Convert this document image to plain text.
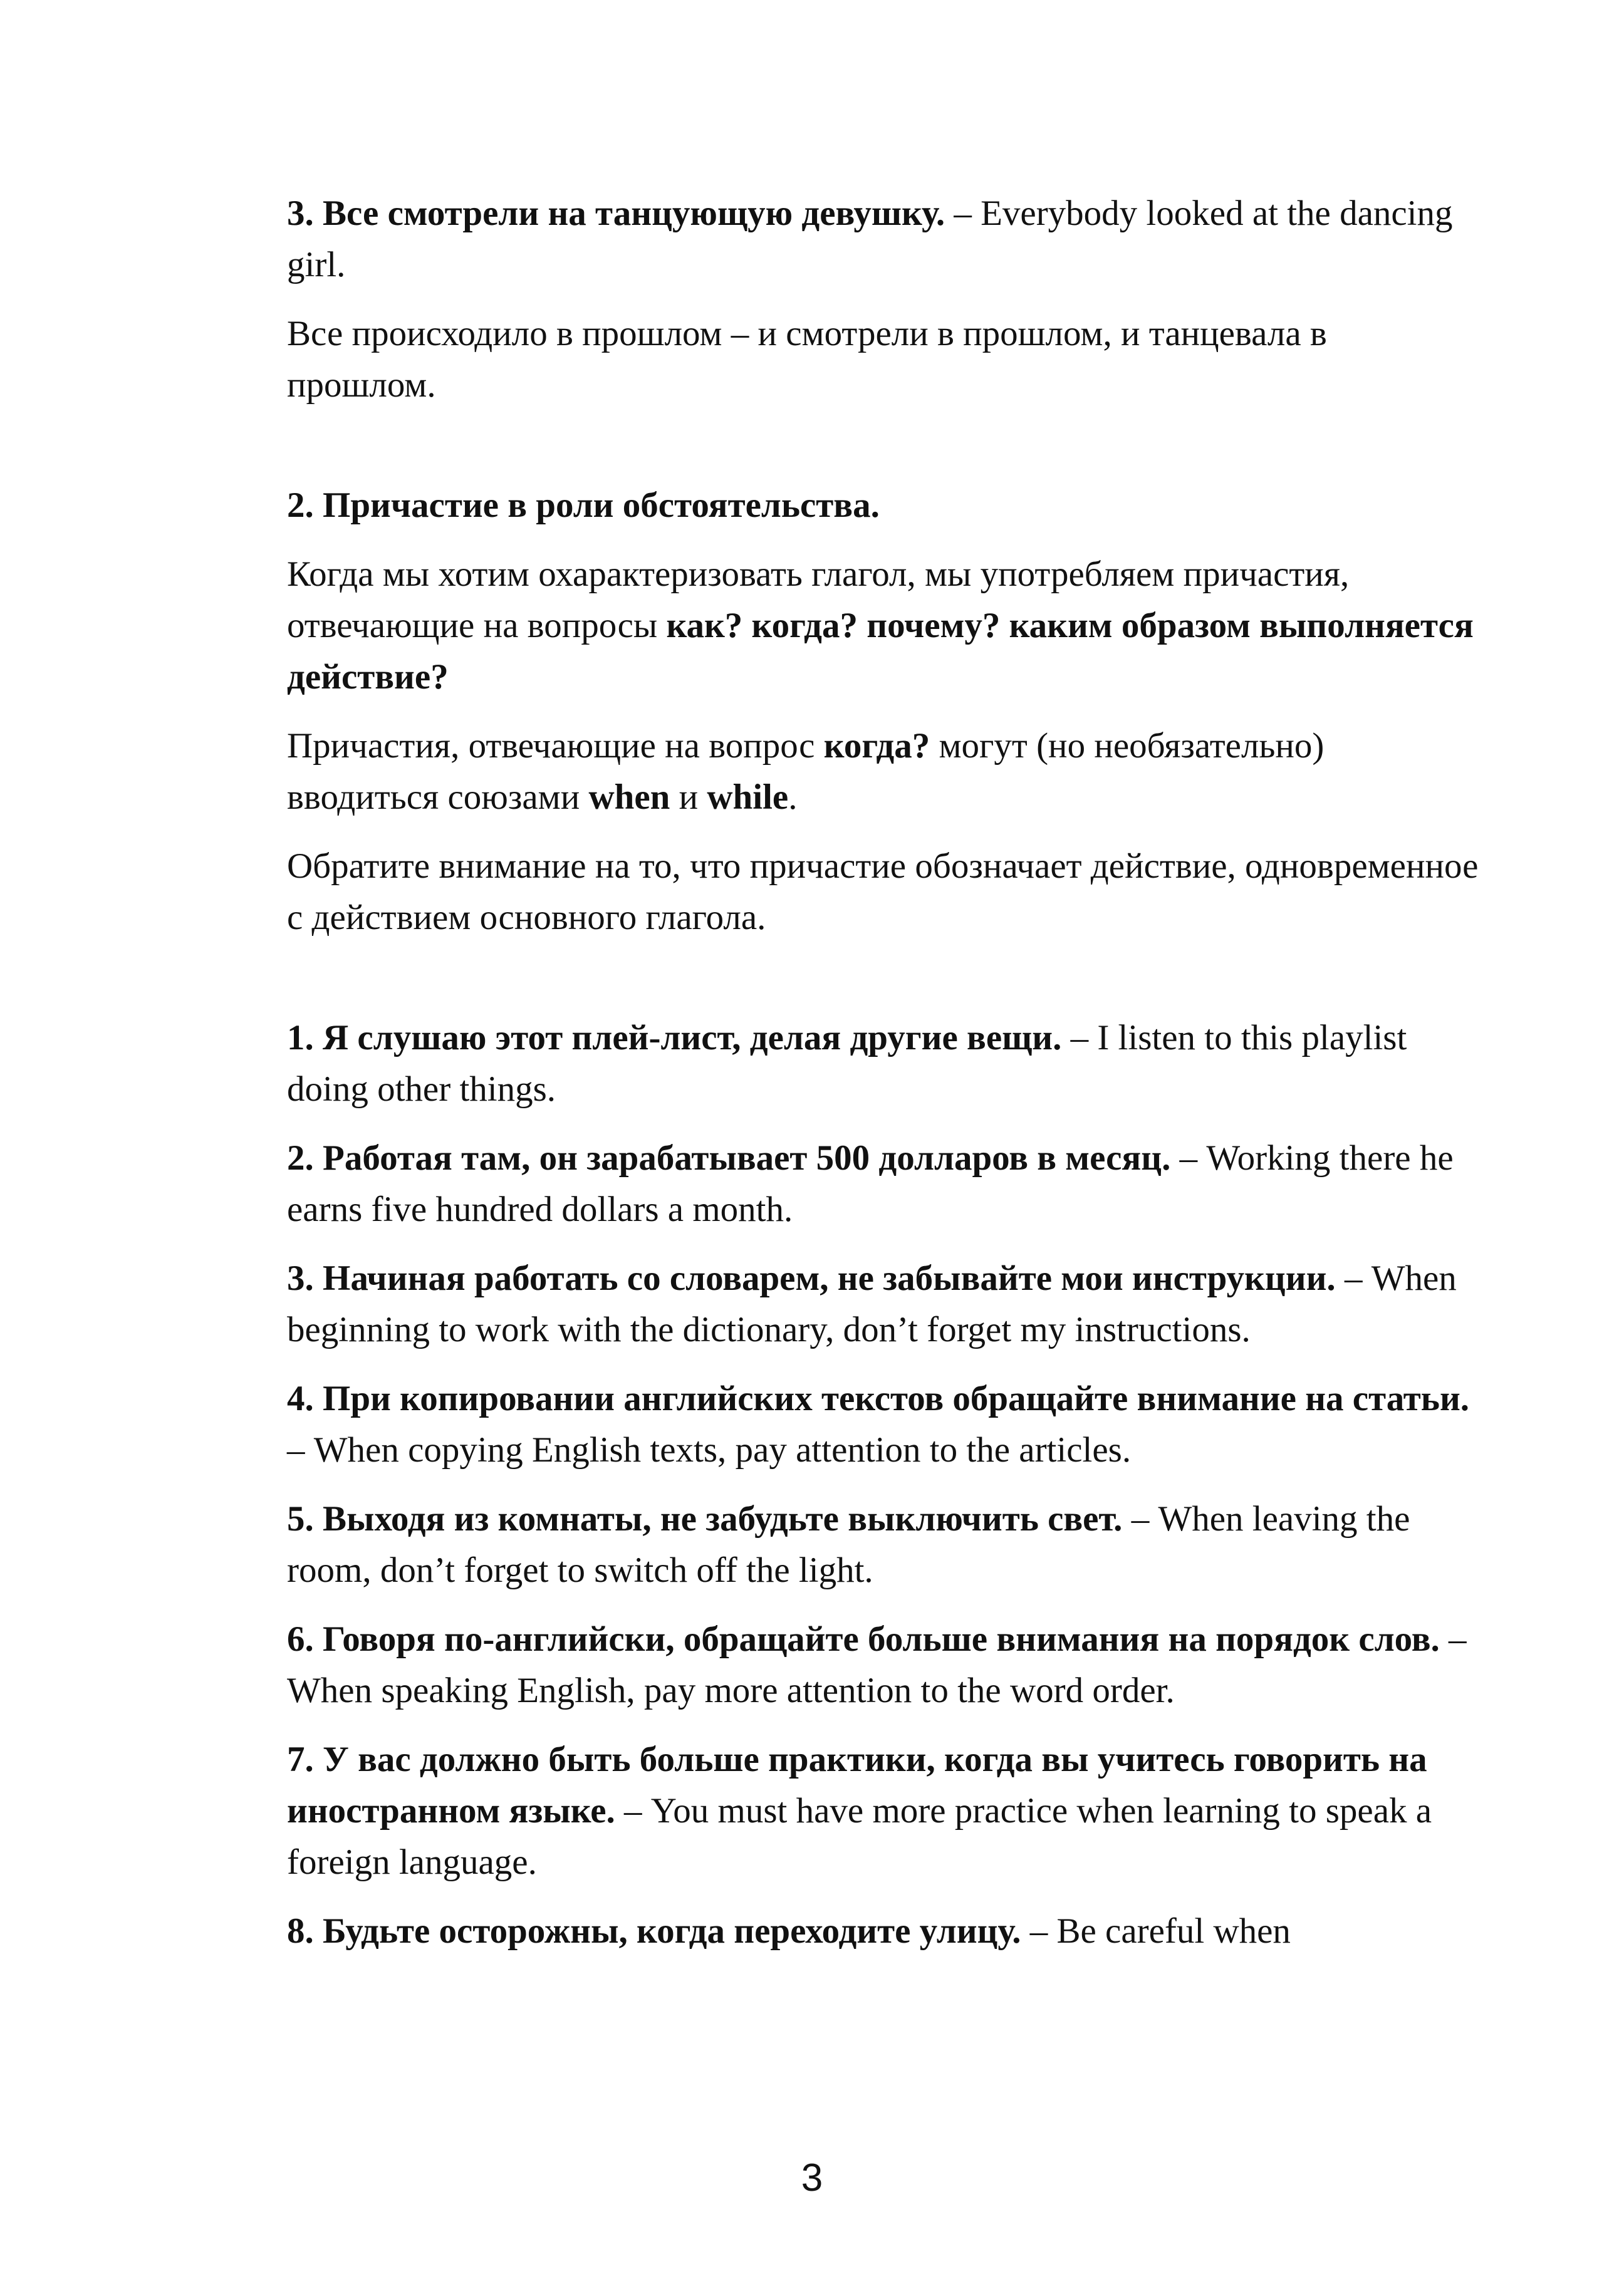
3. Все смотрели на танцующую девушку. – Everybody looked at the dancing girl.

Все происходило в прошлом – и смотрели в прошлом, и танцевала в прошлом.

2. Причастие в роли обстоятельства.

Когда мы хотим охарактеризовать глагол, мы употребляем причастия, отвечающие на вопросы как? когда? почему? каким образом выполняется действие?

Причастия, отвечающие на вопрос когда? могут (но необязательно) вводиться союзами when и while.

Обратите внимание на то, что причастие обозначает действие, одновременное с действием основного глагола.

1. Я слушаю этот плей-лист, делая другие вещи. – I listen to this playlist doing other things.

2. Работая там, он зарабатывает 500 долларов в месяц. – Working there he earns five hundred dollars a month.

3. Начиная работать со словарем, не забывайте мои инструкции. – When beginning to work with the dictionary, don’t forget my instructions.

4. При копировании английских текстов обращайте внимание на статьи. – When copying English texts, pay attention to the articles.

5. Выходя из комнаты, не забудьте выключить свет. – When leaving the room, don’t forget to switch off the light.

6. Говоря по-английски, обращайте больше внимания на порядок слов. – When speaking English, pay more attention to the word order.

7. У вас должно быть больше практики, когда вы учитесь говорить на иностранном языке. – You must have more practice when learning to speak a foreign language.

8. Будьте осторожны, когда переходите улицу. – Be careful when

3
